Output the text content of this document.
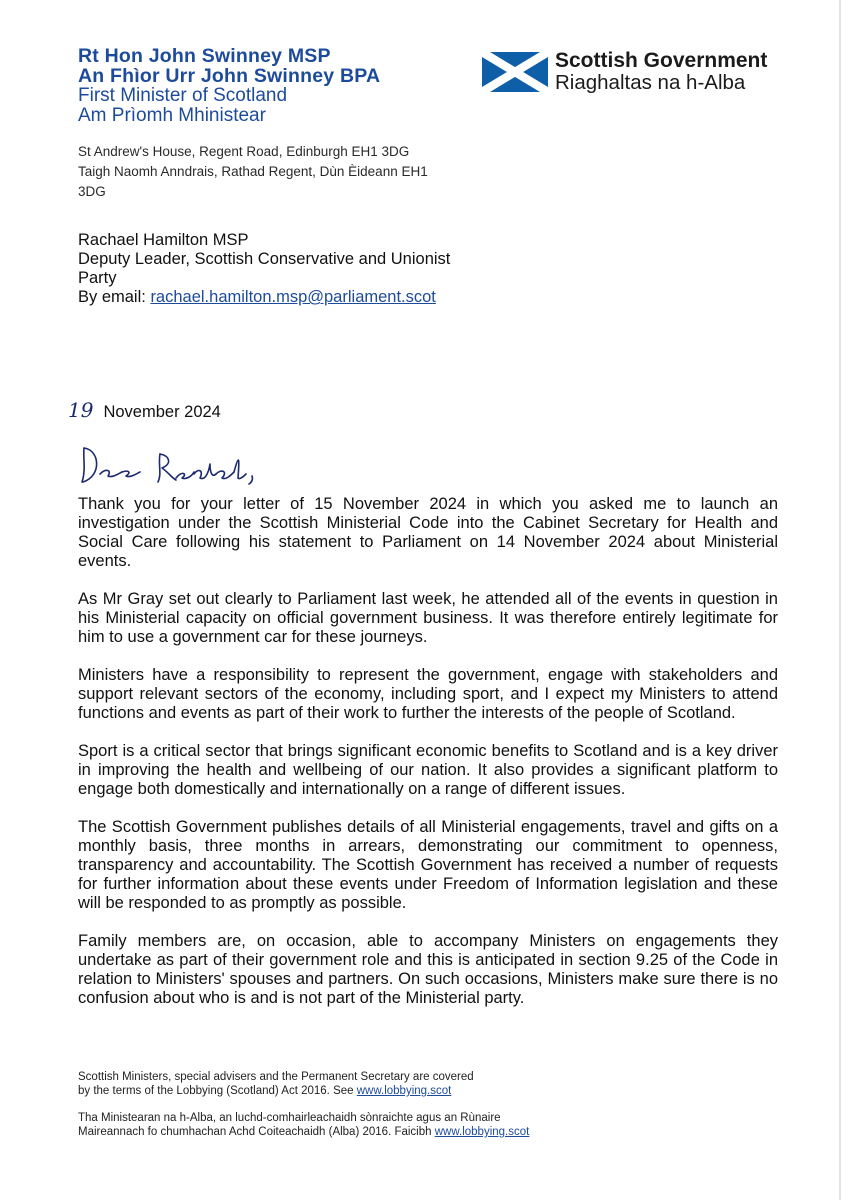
Rt Hon John Swinney MSP
An Fhìor Urr John Swinney BPA
First Minister of Scotland
Am Prìomh Mhinistear
Scottish Government
Riaghaltas na h-Alba
St Andrew's House, Regent Road, Edinburgh EH1 3DG
Taigh Naomh Anndrais, Rathad Regent, Dùn Èideann EH1
3DG
Rachael Hamilton MSP
Deputy Leader, Scottish Conservative and Unionist
Party
By email: rachael.hamilton.msp@parliament.scot
19 November 2024

Thank you for your letter of 15 November 2024 in which you asked me to launch an investigation under the Scottish Ministerial Code into the Cabinet Secretary for Health and Social Care following his statement to Parliament on 14 November 2024 about Ministerial events.

As Mr Gray set out clearly to Parliament last week, he attended all of the events in question in his Ministerial capacity on official government business. It was therefore entirely legitimate for him to use a government car for these journeys.

Ministers have a responsibility to represent the government, engage with stakeholders and support relevant sectors of the economy, including sport, and I expect my Ministers to attend functions and events as part of their work to further the interests of the people of Scotland.

Sport is a critical sector that brings significant economic benefits to Scotland and is a key driver in improving the health and wellbeing of our nation. It also provides a significant platform to engage both domestically and internationally on a range of different issues.

The Scottish Government publishes details of all Ministerial engagements, travel and gifts on a monthly basis, three months in arrears, demonstrating our commitment to openness, transparency and accountability. The Scottish Government has received a number of requests for further information about these events under Freedom of Information legislation and these will be responded to as promptly as possible.

Family members are, on occasion, able to accompany Ministers on engagements they undertake as part of their government role and this is anticipated in section 9.25 of the Code in relation to Ministers' spouses and partners. On such occasions, Ministers make sure there is no confusion about who is and is not part of the Ministerial party.

Scottish Ministers, special advisers and the Permanent Secretary are covered
by the terms of the Lobbying (Scotland) Act 2016. See www.lobbying.scot

Tha Ministearan na h-Alba, an luchd-comhairleachaidh sònraichte agus an Rùnaire
Maireannach fo chumhachan Achd Coiteachaidh (Alba) 2016. Faicibh www.lobbying.scot
